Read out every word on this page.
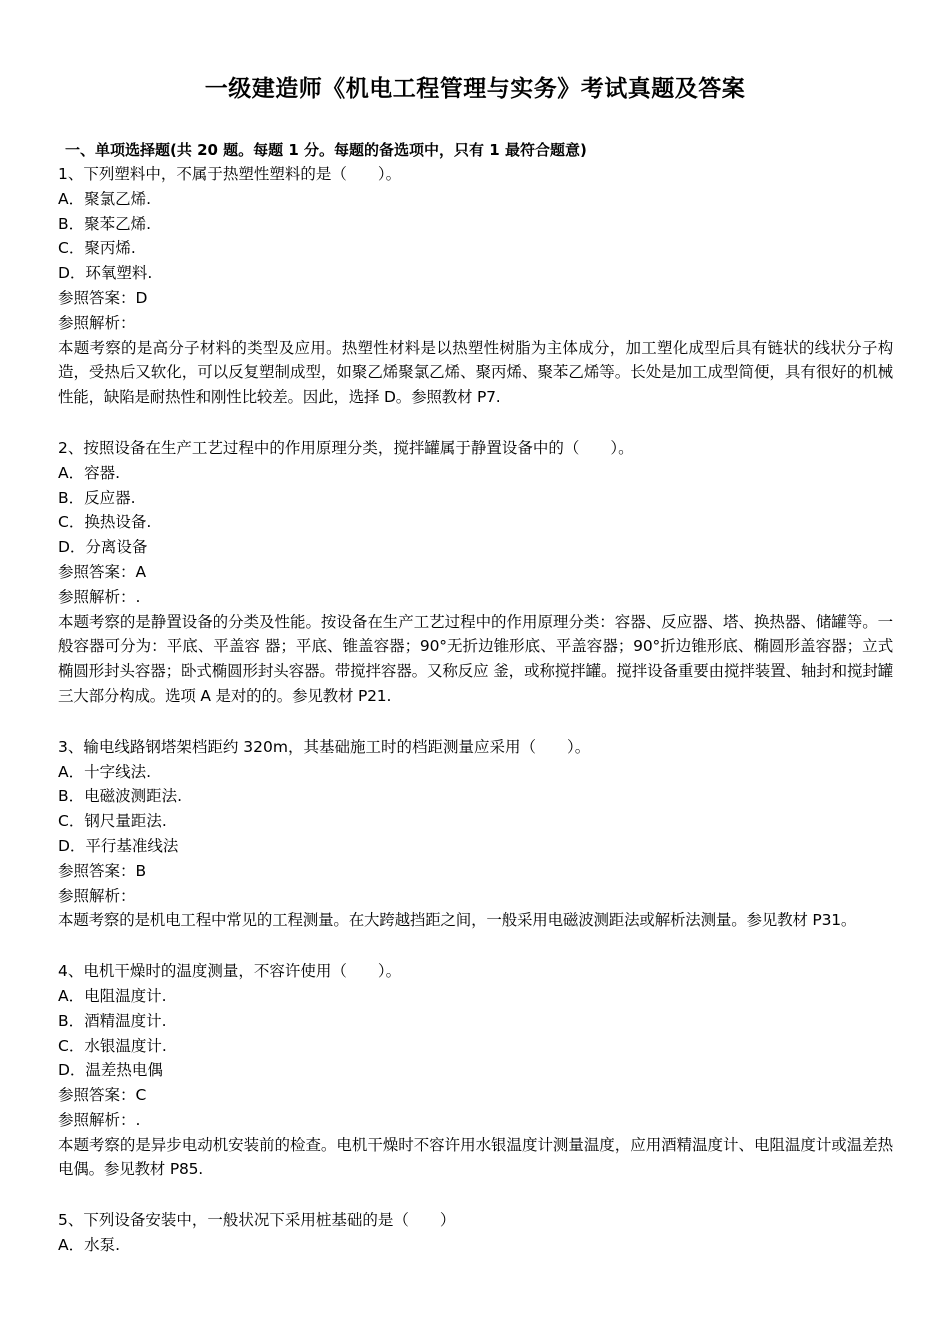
一级建造师《机电工程管理与实务》考试真题及答案
一、单项选择题(共 20 题。每题 1 分。每题的备选项中，只有 1 最符合题意)
1、下列塑料中，不属于热塑性塑料的是（　　）。
A．聚氯乙烯.
B．聚苯乙烯.
C．聚丙烯.
D．环氧塑料.
参照答案：D
参照解析：
本题考察的是高分子材料的类型及应用。热塑性材料是以热塑性树脂为主体成分，加工塑化成型后具有链状的线状分子构造，受热后又软化，可以反复塑制成型，如聚乙烯聚氯乙烯、聚丙烯、聚苯乙烯等。长处是加工成型简便，具有很好的机械性能，缺陷是耐热性和刚性比较差。因此，选择 D。参照教材 P7.
2、按照设备在生产工艺过程中的作用原理分类，搅拌罐属于静置设备中的（　　）。
A．容器.
B．反应器.
C．换热设备.
D．分离设备
参照答案：A
参照解析：.
本题考察的是静置设备的分类及性能。按设备在生产工艺过程中的作用原理分类：容器、反应器、塔、换热器、储罐等。一般容器可分为：平底、平盖容 器；平底、锥盖容器；90°无折边锥形底、平盖容器；90°折边锥形底、椭圆形盖容器；立式椭圆形封头容器；卧式椭圆形封头容器。带搅拌容器。又称反应 釜，或称搅拌罐。搅拌设备重要由搅拌装置、轴封和搅封罐三大部分构成。选项 A 是对的的。参见教材 P21.
3、输电线路钢塔架档距约 320m，其基础施工时的档距测量应采用（　　）。
A．十字线法.
B．电磁波测距法.
C．钢尺量距法.
D．平行基准线法
参照答案：B
参照解析：
本题考察的是机电工程中常见的工程测量。在大跨越挡距之间，一般采用电磁波测距法或解析法测量。参见教材 P31。
4、电机干燥时的温度测量，不容许使用（　　）。
A．电阻温度计.
B．酒精温度计.
C．水银温度计.
D．温差热电偶
参照答案：C
参照解析：.
本题考察的是异步电动机安装前的检查。电机干燥时不容许用水银温度计测量温度，应用酒精温度计、电阻温度计或温差热电偶。参见教材 P85.
5、下列设备安装中，一般状况下采用桩基础的是（　　）
A．水泵.
